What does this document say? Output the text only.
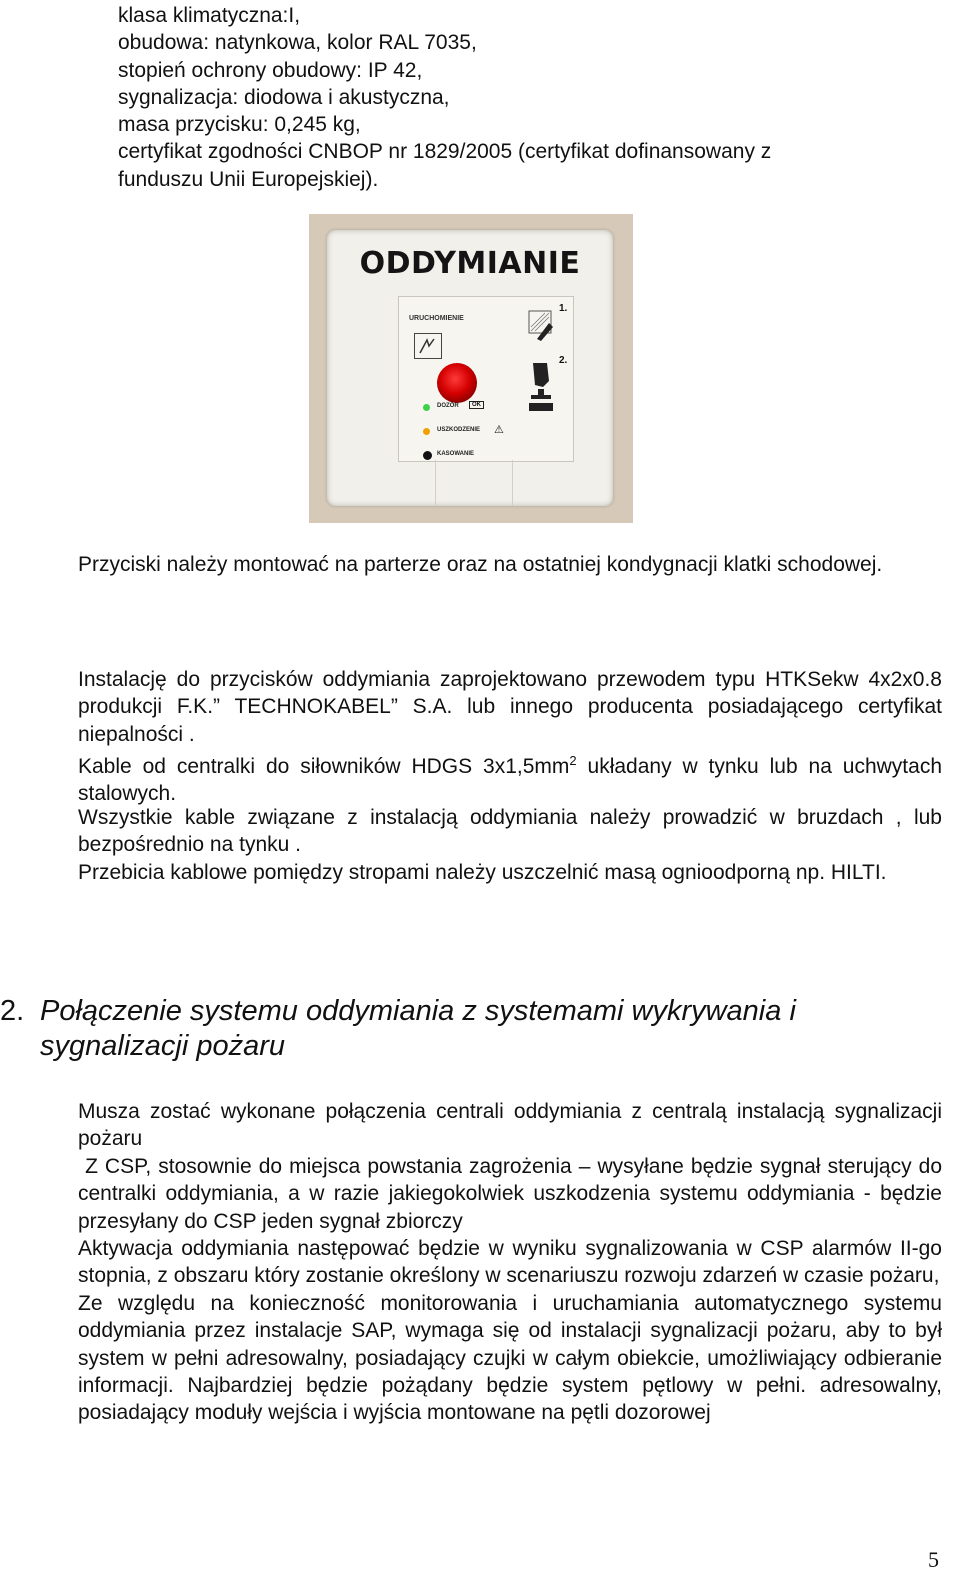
klasa klimatyczna:I,
obudowa: natynkowa, kolor RAL 7035,
stopień ochrony obudowy: IP 42,
sygnalizacja: diodowa i akustyczna,
masa przycisku: 0,245 kg,
certyfikat zgodności CNBOP nr 1829/2005 (certyfikat dofinansowany z
funduszu Unii Europejskiej).
ODDYMIANIE
URUCHOMIENIE
1.
2.
DOZÓR	OK
USZKODZENIE ⚠
KASOWANIE
Przyciski należy montować na parterze oraz na ostatniej kondygnacji klatki schodowej.
Instalację do przycisków oddymiania zaprojektowano przewodem typu HTKSekw 4x2x0.8 produkcji F.K.” TECHNOKABEL” S.A. lub innego producenta posiadającego certyfikat niepalności .
Kable od centralki do siłowników HDGS $3x1,5mm^2$ układany w tynku lub na uchwytach stalowych.
Wszystkie kable związane z instalacją oddymiania należy prowadzić w bruzdach , lub bezpośrednio na tynku .
Przebicia kablowe pomiędzy stropami należy uszczelnić masą ognioodporną np. HILTI.
2. Połączenie systemu oddymiania z systemami wykrywania i sygnalizacji pożaru
Musza zostać wykonane połączenia centrali oddymiania z centralą instalacją sygnalizacji pożaru
Z CSP, stosownie do miejsca powstania zagrożenia – wysyłane będzie sygnał sterujący do centralki oddymiania, a w razie jakiegokolwiek uszkodzenia systemu oddymiania - będzie przesyłany do CSP jeden sygnał zbiorczy
Aktywacja oddymiania następować będzie w wyniku sygnalizowania w CSP alarmów II-go stopnia, z obszaru który zostanie określony w scenariuszu rozwoju zdarzeń w czasie pożaru,
Ze względu na konieczność monitorowania i uruchamiania automatycznego systemu oddymiania przez instalacje SAP, wymaga się od instalacji sygnalizacji pożaru, aby to był system w pełni adresowalny, posiadający czujki w całym obiekcie, umożliwiający odbieranie informacji. Najbardziej będzie pożądany będzie system pętlowy w pełni. adresowalny, posiadający moduły wejścia i wyjścia montowane na pętli dozorowej
5
